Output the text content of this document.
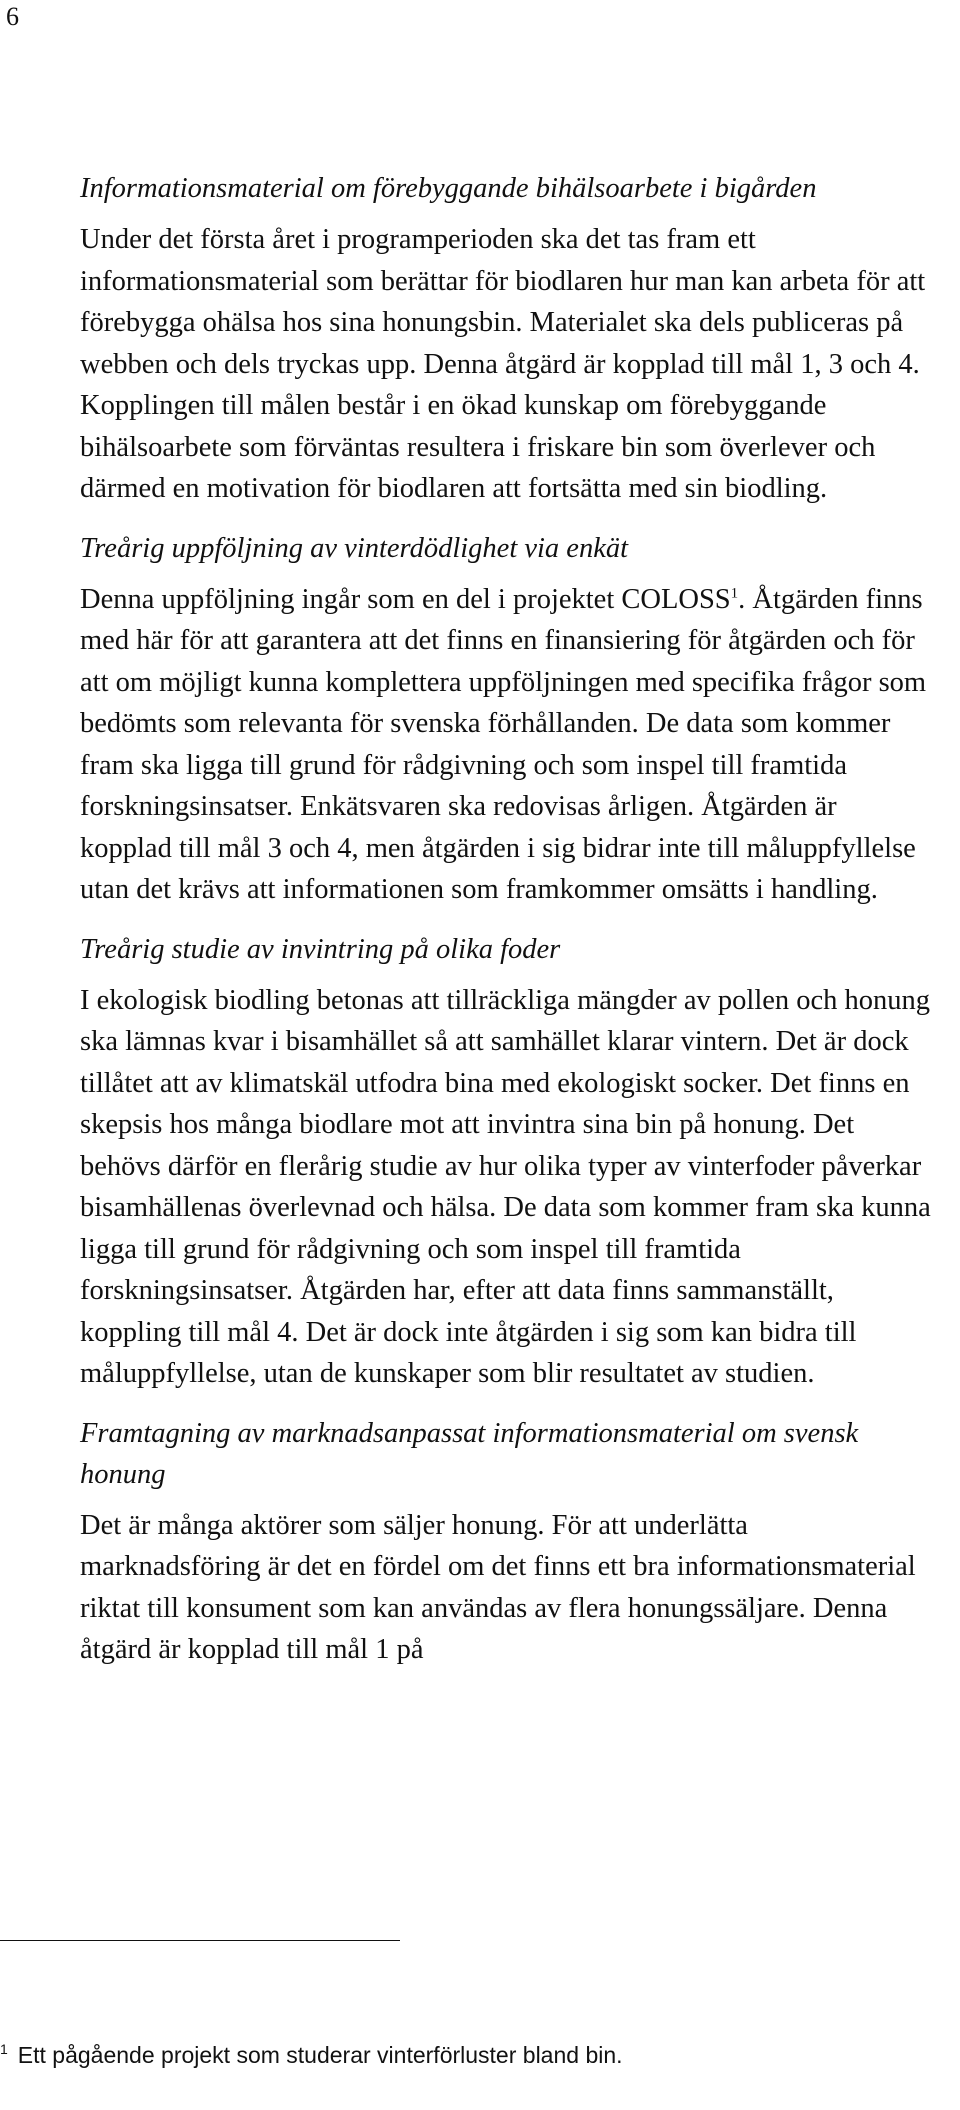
6
Informationsmaterial om förebyggande bihälsoarbete i bigården

Under det första året i programperioden ska det tas fram ett informationsmaterial som berättar för biodlaren hur man kan arbeta för att förebygga ohälsa hos sina honungsbin. Materialet ska dels publiceras på webben och dels tryckas upp. Denna åtgärd är kopplad till mål 1, 3 och 4. Kopplingen till målen består i en ökad kunskap om förebyggande bihälsoarbete som förväntas resultera i friskare bin som överlever och därmed en motivation för biodlaren att fortsätta med sin biodling.

Treårig uppföljning av vinterdödlighet via enkät

Denna uppföljning ingår som en del i projektet COLOSS$^1$. Åtgärden finns med här för att garantera att det finns en finansiering för åtgärden och för att om möjligt kunna komplettera uppföljningen med specifika frågor som bedömts som relevanta för svenska förhållanden. De data som kommer fram ska ligga till grund för rådgivning och som inspel till framtida forskningsinsatser. Enkätsvaren ska redovisas årligen. Åtgärden är kopplad till mål 3 och 4, men åtgärden i sig bidrar inte till måluppfyllelse utan det krävs att informationen som framkommer omsätts i handling.

Treårig studie av invintring på olika foder

I ekologisk biodling betonas att tillräckliga mängder av pollen och honung ska lämnas kvar i bisamhället så att samhället klarar vintern. Det är dock tillåtet att av klimatskäl utfodra bina med ekologiskt socker. Det finns en skepsis hos många biodlare mot att invintra sina bin på honung. Det behövs därför en flerårig studie av hur olika typer av vinterfoder påverkar bisamhällenas överlevnad och hälsa. De data som kommer fram ska kunna ligga till grund för rådgivning och som inspel till framtida forskningsinsatser. Åtgärden har, efter att data finns sammanställt, koppling till mål 4. Det är dock inte åtgärden i sig som kan bidra till måluppfyllelse, utan de kunskaper som blir resultatet av studien.

Framtagning av marknadsanpassat informationsmaterial om svensk honung

Det är många aktörer som säljer honung. För att underlätta marknadsföring är det en fördel om det finns ett bra informationsmaterial riktat till konsument som kan användas av flera honungssäljare. Denna åtgärd är kopplad till mål 1 på

$^1$ Ett pågående projekt som studerar vinterförluster bland bin.
